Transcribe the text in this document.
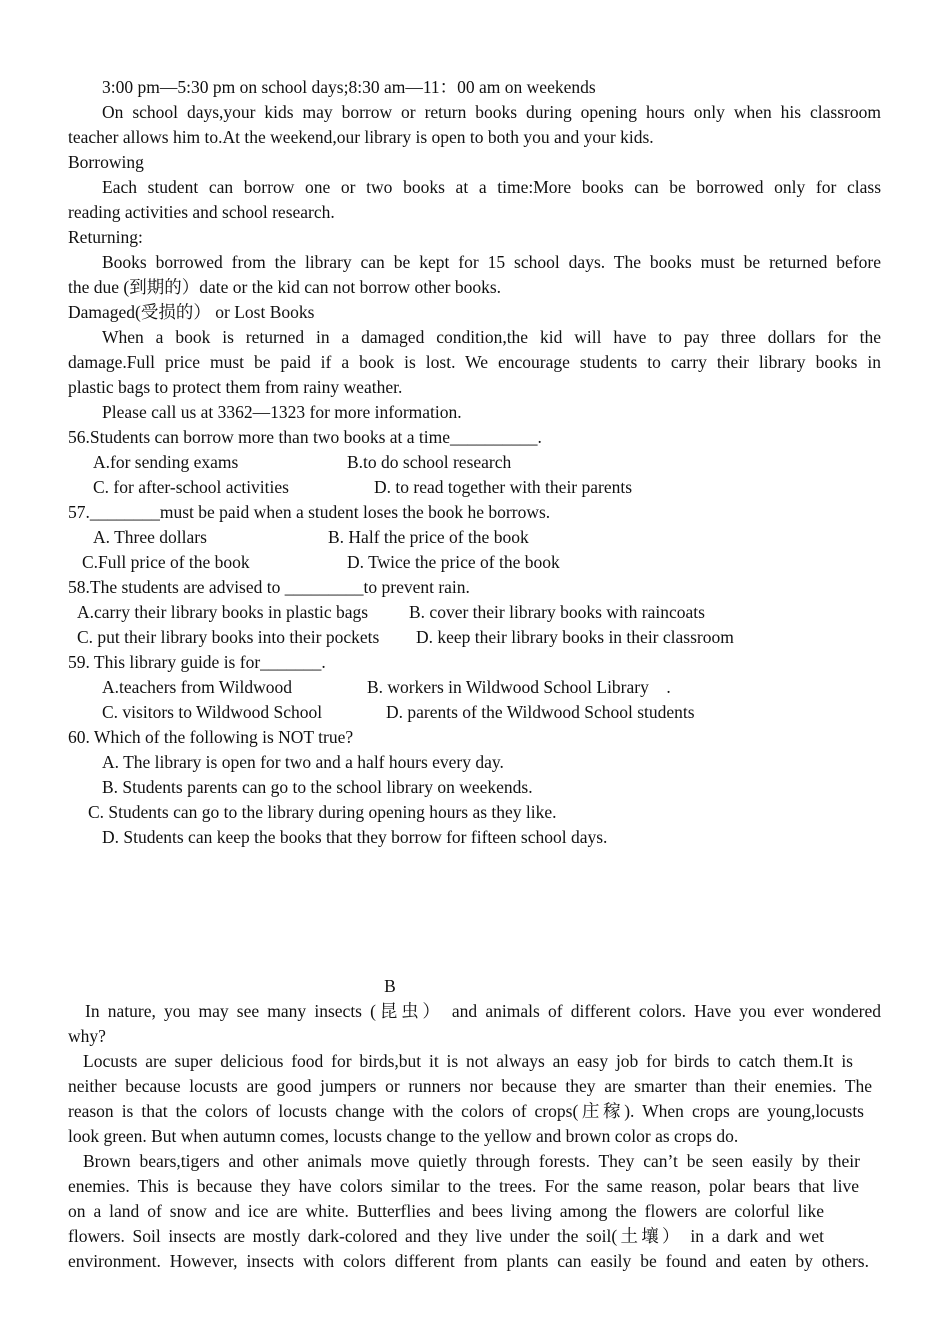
3:00 pm—5:30 pm on school days;8:30 am—11：00 am on weekends
On school days,your kids may borrow or return books during opening hours only when his classroom
teacher allows him to.At the weekend,our library is open to both you and your kids.
Borrowing
Each student can borrow one or two books at a time:More books can be borrowed only for class
reading activities and school research.
Returning:
Books borrowed from the library can be kept for 15 school days. The books must be returned before
the due (到期的）date or the kid can not borrow other books.
Damaged(受损的） or Lost Books
When a book is returned in a damaged condition,the kid will have to pay three dollars for the
damage.Full price must be paid if a book is lost. We encourage students to carry their library books in
plastic bags to protect them from rainy weather.
Please call us at 3362—1323 for more information.
56.Students can borrow more than two books at a time__________.
A.for sending exams	B.to do school research
C. for after-school activities	D. to read together with their parents
57.________must be paid when a student loses the book he borrows.
A. Three dollars	B. Half the price of the book
C.Full price of the book	D. Twice the price of the book
58.The students are advised to _________to prevent rain.
A.carry their library books in plastic bags B. cover their library books with raincoats
C. put their library books into their pockets D. keep their library books in their classroom
59. This library guide is for_______.
A.teachers from Wildwood	B. workers in Wildwood School Library    .
C. visitors to Wildwood School	D. parents of the Wildwood School students
60. Which of the following is NOT true?
A. The library is open for two and a half hours every day.
B. Students parents can go to the school library on weekends.
C. Students can go to the library during opening hours as they like.
D. Students can keep the books that they borrow for fifteen school days.
B
In nature, you may see many insects (昆虫） and animals of different colors. Have you ever wondered
why?
Locusts are super delicious food for birds,but it is not always an easy job for birds to catch them.It is
neither because locusts are good jumpers or runners nor because they are smarter than their enemies. The
reason is that the colors of locusts change with the colors of crops(庄稼). When crops are young,locusts
look green. But when autumn comes, locusts change to the yellow and brown color as crops do.
Brown bears,tigers and other animals move quietly through forests. They can’t be seen easily by their
enemies. This is because they have colors similar to the trees. For the same reason, polar bears that live
on a land of snow and ice are white. Butterflies and bees living among the flowers are colorful like
flowers. Soil insects are mostly dark-colored and they live under the soil(土壤） in a dark and wet
environment. However, insects with colors different from plants can easily be found and eaten by others.
